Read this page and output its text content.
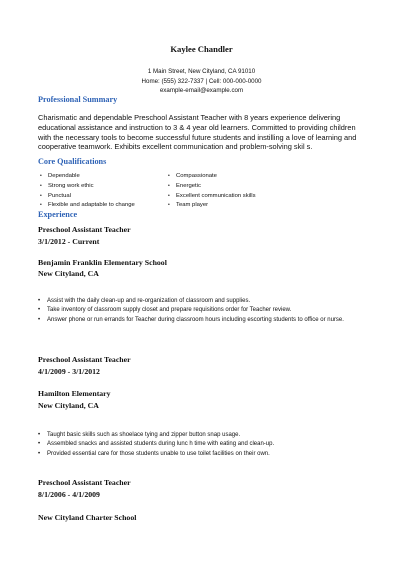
Kaylee Chandler
1 Main Street, New Cityland, CA 91010
Home: (555) 322-7337 | Cell: 000-000-0000
example-email@example.com
Professional Summary
Charismatic and dependable Preschool Assistant Teacher with 8 years experience delivering educational assistance and instruction to 3 & 4 year old learners. Committed to providing children with the necessary tools to become successful future students and instilling a love of learning and cooperative teamwork. Exhibits excellent communication and problem-solving skil s.
Core Qualifications
• Dependable
• Strong work ethic
• Punctual
• Flexible and adaptable to change
• Compassionate
• Energetic
• Excellent communication skills
• Team player
Experience
Preschool Assistant Teacher
3/1/2012 - Current
Benjamin Franklin Elementary School
New Cityland, CA
• Assist with the daily clean-up and re-organization of classroom and supplies.
• Take inventory of classroom supply closet and prepare requisitions order for Teacher review.
• Answer phone or run errands for Teacher during classroom hours including escorting students to office or nurse.
Preschool Assistant Teacher
4/1/2009 - 3/1/2012
Hamilton Elementary
New Cityland, CA
• Taught basic skills such as shoelace tying and zipper button snap usage.
• Assembled snacks and assisted students during lunc h time with eating and clean-up.
• Provided essential care for those students unable to use toilet facilities on their own.
Preschool Assistant Teacher
8/1/2006 - 4/1/2009
New Cityland Charter School
